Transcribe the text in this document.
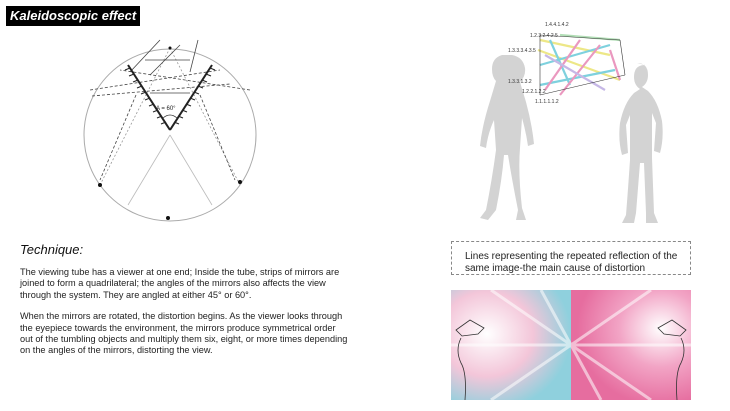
Kaleidoscopic effect
A = 60°
1.4.4.1.4.2
1.2.3.2.4.2.5
1.3.3.3.4.3.5
1.3.3.1.3.2
1.2.2.1.2.2
1.1.1.1.1.2
Technique:

The viewing tube has a viewer at one end; Inside the tube, strips of mirrors are joined to form a quadrilateral; the angles of the mirrors also affects the view through the system. They are angled at either 45° or 60°.

When the mirrors are rotated, the distortion begins. As the viewer looks through the eyepiece towards the environment, the mirrors produce symmetrical order out of the tumbling objects and multiply them six, eight, or more times depending on the angles of the mirrors, distorting the view.

Lines representing the repeated reflection of the same image-the main cause of distortion
